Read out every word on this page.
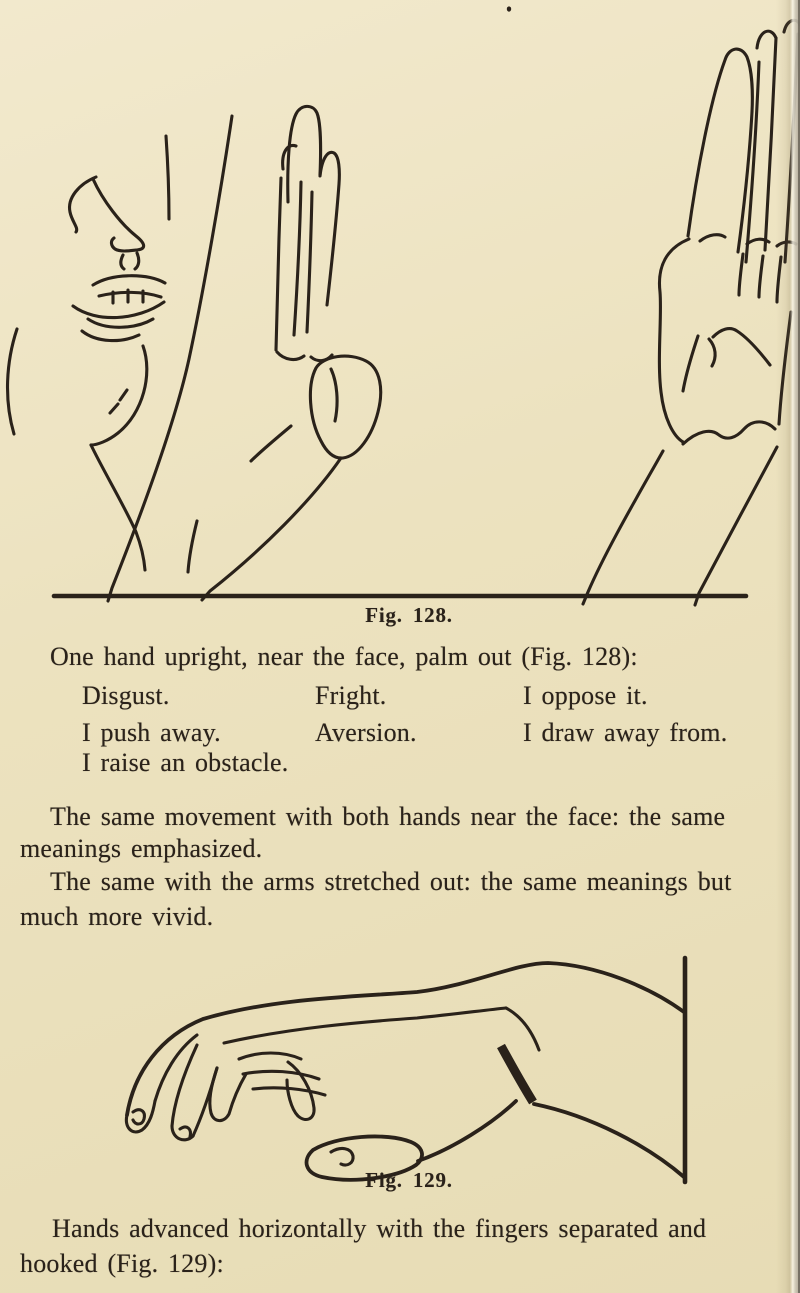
Fig. 128.
Fig. 129.
One hand upright, near the face, palm out (Fig. 128):
Disgust.	Fright.	I oppose it.
I push away.	Aversion.	I draw away from.
I raise an obstacle.
The same movement with both hands near the face: the same
meanings emphasized.
The same with the arms stretched out: the same meanings but
much more vivid.
Hands advanced horizontally with the fingers separated and
hooked (Fig. 129):
